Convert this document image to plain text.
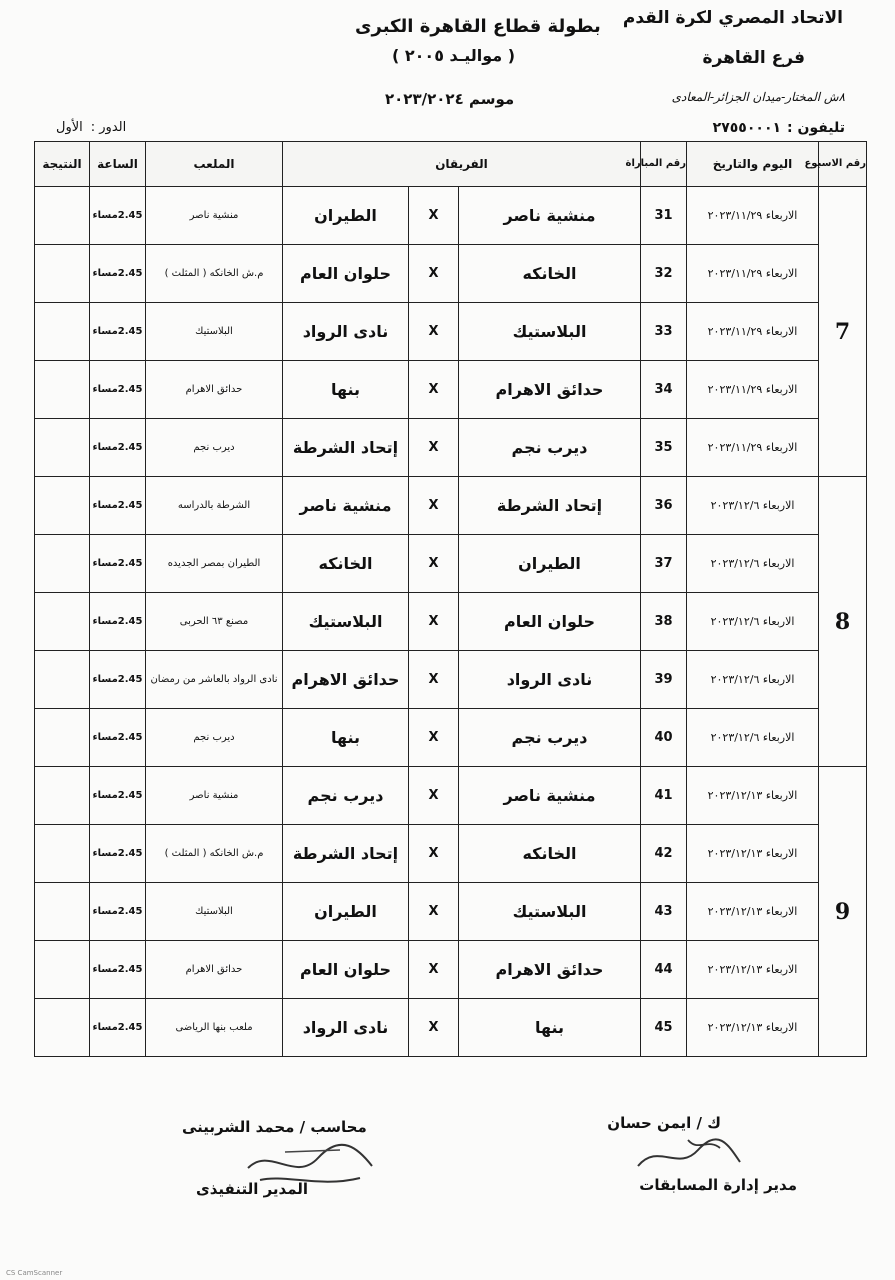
الاتحاد المصري لكرة القدم
فرع القاهرة
٨ش المختار-ميدان الجزائر-المعادى
تليفون :٢٧٥٥٠٠٠١
بطولة قطاع القاهرة الكبرى
( مواليـد ٢٠٠٥ )
موسم ٢٠٢٣/٢٠٢٤
الدور :الأول
رقم الاسبوع	اليوم والتاريخ	رقم المباراة	الفريقان			الملعب	الساعة	النتيجة
7	الاربعاء ٢٠٢٣/١١/٢٩	31	منشية ناصر	X	الطيران	منشية ناصر	2.45مساء	
	الاربعاء ٢٠٢٣/١١/٢٩	32	الخانكه	X	حلوان العام	م.ش الخانكه ( المثلث )	2.45مساء	
	الاربعاء ٢٠٢٣/١١/٢٩	33	البلاستيك	X	نادى الرواد	البلاستيك	2.45مساء	
	الاربعاء ٢٠٢٣/١١/٢٩	34	حدائق الاهرام	X	بنها	حدائق الاهرام	2.45مساء	
	الاربعاء ٢٠٢٣/١١/٢٩	35	ديرب نجم	X	إتحاد الشرطة	ديرب نجم	2.45مساء	
8	الاربعاء ٢٠٢٣/١٢/٦	36	إتحاد الشرطة	X	منشية ناصر	الشرطة بالدراسه	2.45مساء	
	الاربعاء ٢٠٢٣/١٢/٦	37	الطيران	X	الخانكه	الطيران بمصر الجديده	2.45مساء	
	الاربعاء ٢٠٢٣/١٢/٦	38	حلوان العام	X	البلاستيك	مصنع ٦٣ الحربى	2.45مساء	
	الاربعاء ٢٠٢٣/١٢/٦	39	نادى الرواد	X	حدائق الاهرام	نادى الرواد بالعاشر من رمضان	2.45مساء	
	الاربعاء ٢٠٢٣/١٢/٦	40	ديرب نجم	X	بنها	ديرب نجم	2.45مساء	
9	الاربعاء ٢٠٢٣/١٢/١٣	41	منشية ناصر	X	ديرب نجم	منشية ناصر	2.45مساء	
	الاربعاء ٢٠٢٣/١٢/١٣	42	الخانكه	X	إتحاد الشرطة	م.ش الخانكه ( المثلث )	2.45مساء	
	الاربعاء ٢٠٢٣/١٢/١٣	43	البلاستيك	X	الطيران	البلاستيك	2.45مساء	
	الاربعاء ٢٠٢٣/١٢/١٣	44	حدائق الاهرام	X	حلوان العام	حدائق الاهرام	2.45مساء	
	الاربعاء ٢٠٢٣/١٢/١٣	45	بنها	X	نادى الرواد	ملعب بنها الرياضى	2.45مساء	
محاسب / محمد الشربينى
المدير التنفيذى
ك / ايمن حسان
مدير إدارة المسابقات
CS CamScanner
